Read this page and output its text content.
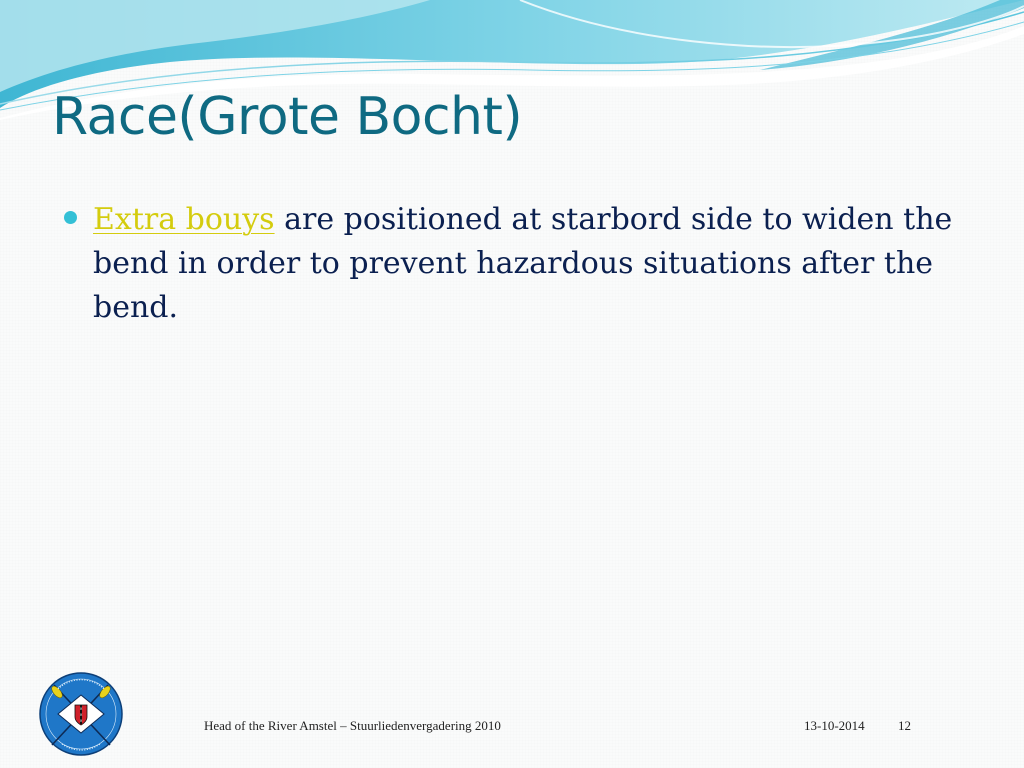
Race(Grote Bocht)
Extra bouys are positioned at starbord side to widen the bend in order to prevent hazardous situations after the bend.
×
×
×	Head of the River Amstel – Stuurliedenvergadering 2010	13-10-2014	12
